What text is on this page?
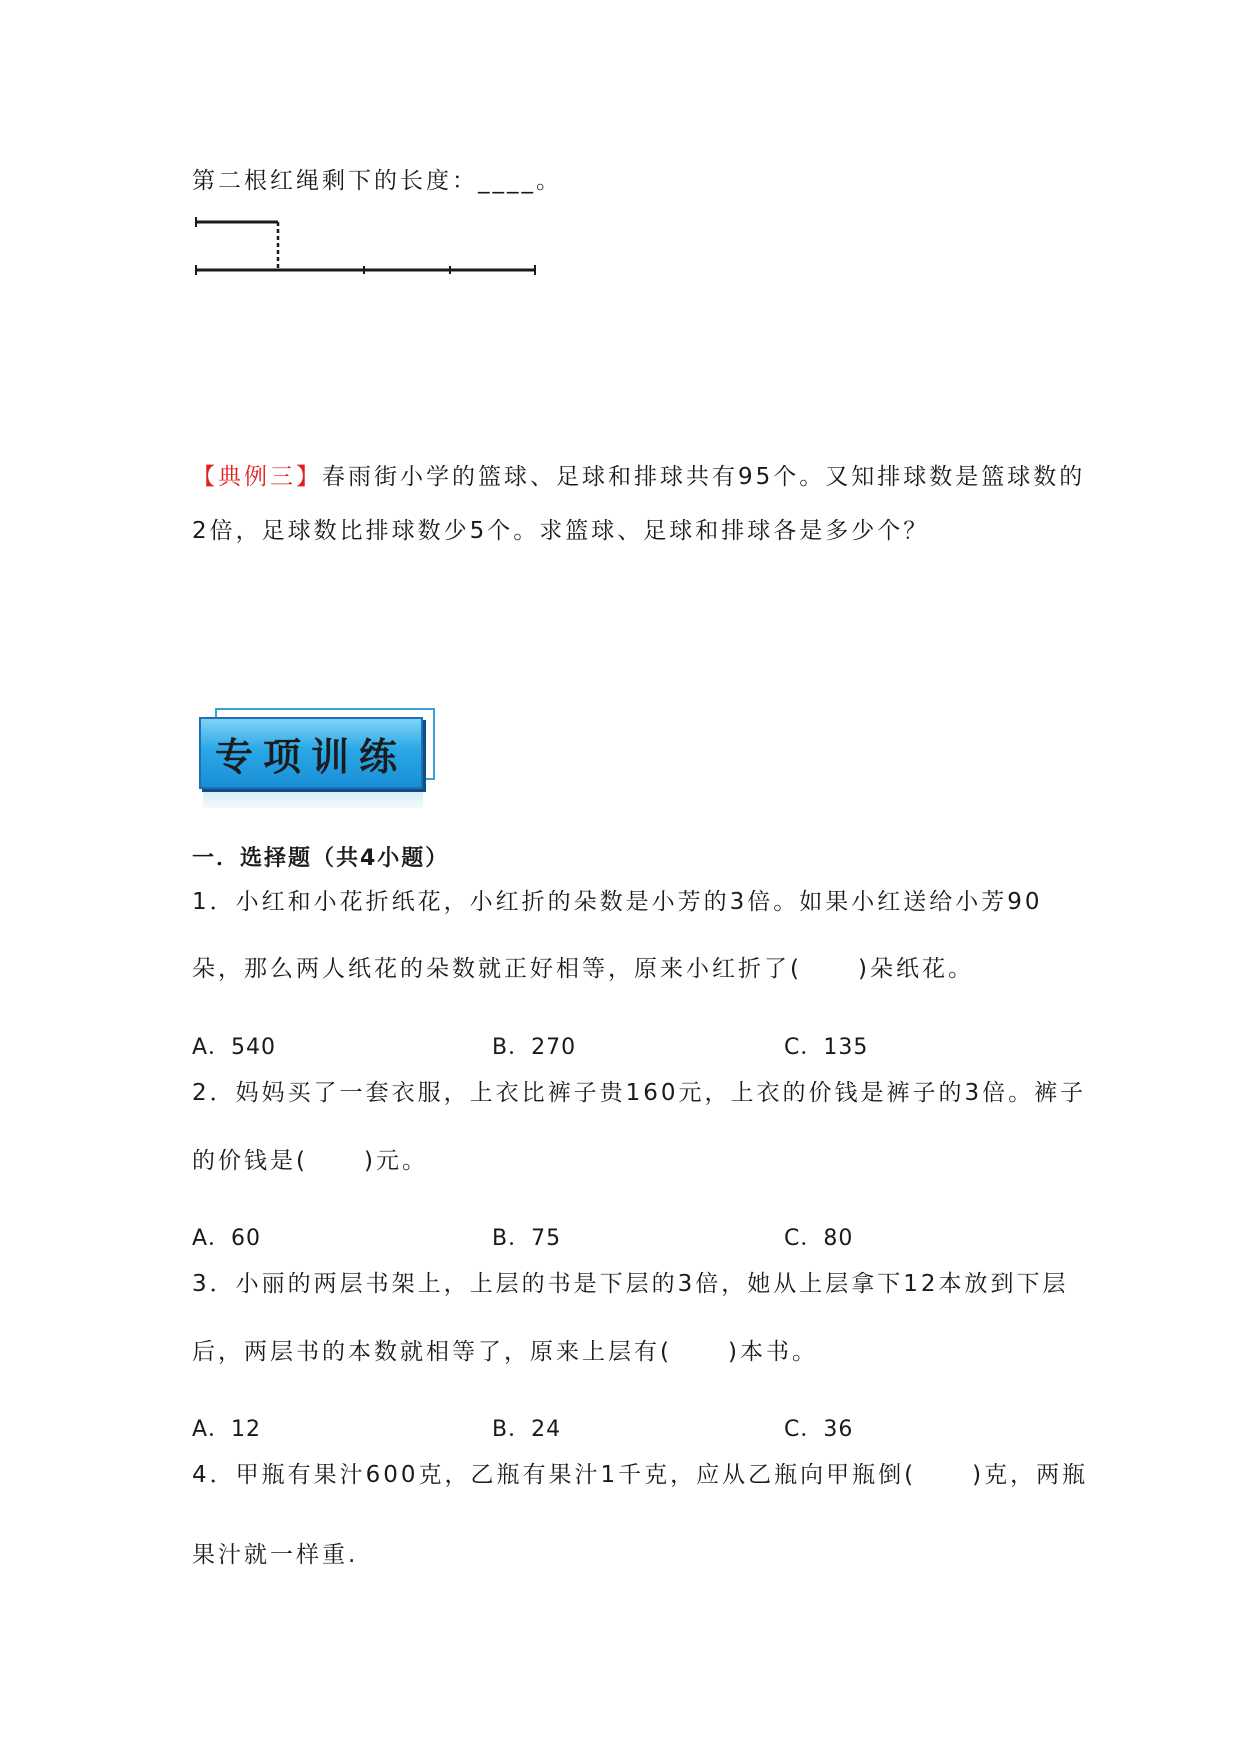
第二根红绳剩下的长度：____。
【典例三】春雨街小学的篮球、足球和排球共有95个。又知排球数是篮球数的
2倍，足球数比排球数少5个。求篮球、足球和排球各是多少个？
专项训练
一．选择题（共4小题）
1．小红和小花折纸花，小红折的朵数是小芳的3倍。如果小红送给小芳90
朵，那么两人纸花的朵数就正好相等，原来小红折了( )朵纸花。
A．540	B．270	C．135
2．妈妈买了一套衣服，上衣比裤子贵160元，上衣的价钱是裤子的3倍。裤子
的价钱是( )元。
A．60	B．75	C．80
3．小丽的两层书架上，上层的书是下层的3倍，她从上层拿下12本放到下层
后，两层书的本数就相等了，原来上层有( )本书。
A．12	B．24	C．36
4．甲瓶有果汁600克，乙瓶有果汁1千克，应从乙瓶向甲瓶倒( )克，两瓶
果汁就一样重.
